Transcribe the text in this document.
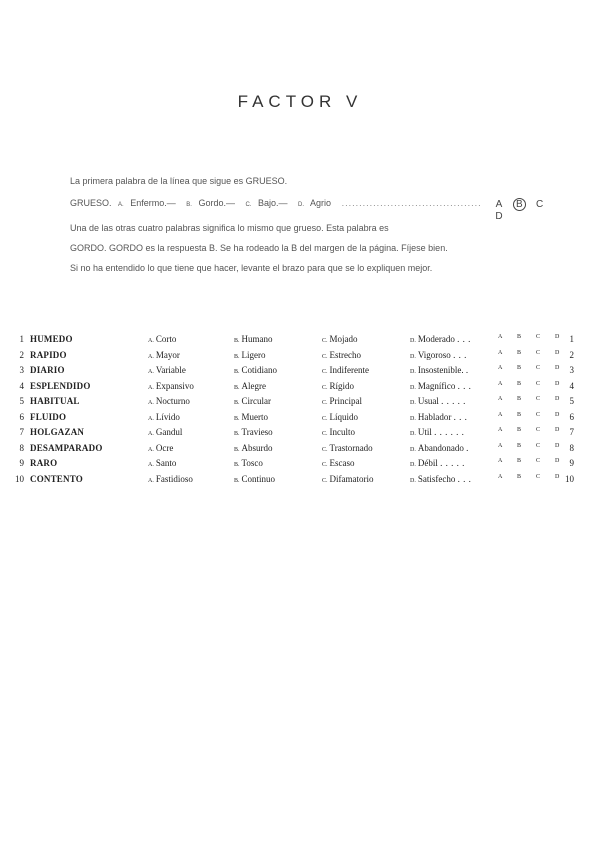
FACTOR V
La primera palabra de la línea que sigue es GRUESO.
GRUESO. A. Enfermo.— B. Gordo.— C. Bajo.— D. Agrio ........................................	A B C D
Una de las otras cuatro palabras significa lo mismo que grueso. Esta palabra es
GORDO. GORDO es la respuesta B. Se ha rodeado la B del margen de la página. Fíjese bien.
Si no ha entendido lo que tiene que hacer, levante el brazo para que se lo expliquen mejor.
1 HUMEDO	A. Corto	B. Humano	C. Mojado	D. Moderado . . .	A B C D	1
2 RAPIDO	A. Mayor	B. Ligero	C. Estrecho	D. Vigoroso . . .	A B C D	2
3 DIARIO	A. Variable	B. Cotidiano	C. Indiferente	D. Insostenible. .	A B C D	3
4 ESPLENDIDO	A. Expansivo	B. Alegre	C. Rígido	D. Magnífico . . .	A B C D	4
5 HABITUAL	A. Nocturno	B. Circular	C. Principal	D. Usual . . . . .	A B C D	5
6 FLUIDO	A. Lívido	B. Muerto	C. Líquido	D. Hablador . . .	A B C D	6
7 HOLGAZAN	A. Gandul	B. Travieso	C. Inculto	D. Util . . . . . .	A B C D	7
8 DESAMPARADO	A. Ocre	B. Absurdo	C. Trastornado	D. Abandonado .	A B C D	8
9 RARO	A. Santo	B. Tosco	C. Escaso	D. Débil . . . . .	A B C D	9
10 CONTENTO	A. Fastidioso	B. Continuo	C. Difamatorio	D. Satisfecho . . .	A B C D 10
